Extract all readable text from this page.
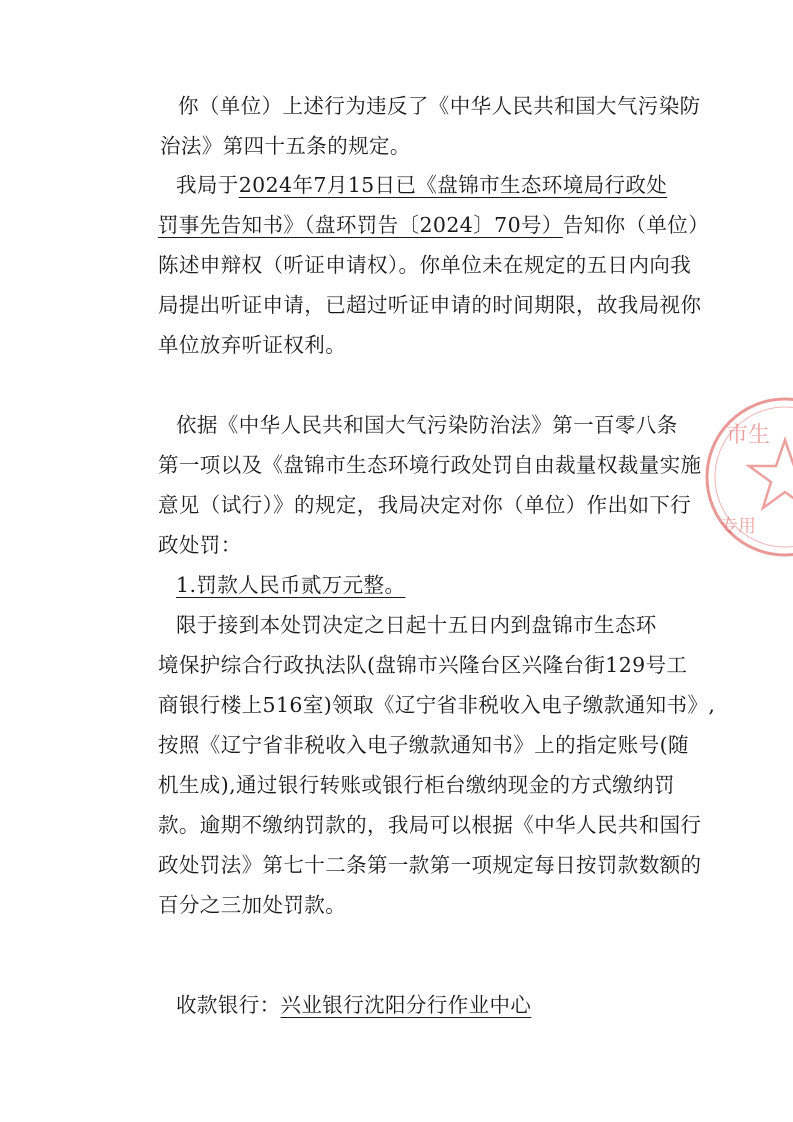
你（单位）上述行为违反了《中华人民共和国大气污染防
治法》第四十五条的规定。

我局于2024年7月15日已《盘锦市生态环境局行政处
罚事先告知书》（盘环罚告〔2024〕70号）告知你（单位）
陈述申辩权（听证申请权）。你单位未在规定的五日内向我
局提出听证申请，已超过听证申请的时间期限，故我局视你
单位放弃听证权利。

依据《中华人民共和国大气污染防治法》第一百零八条
第一项以及《盘锦市生态环境行政处罚自由裁量权裁量实施
意见（试行）》的规定，我局决定对你（单位）作出如下行
政处罚：

1.罚款人民币贰万元整。

限于接到本处罚决定之日起十五日内到盘锦市生态环
境保护综合行政执法队(盘锦市兴隆台区兴隆台街129号工
商银行楼上516室)领取《辽宁省非税收入电子缴款通知书》,
按照《辽宁省非税收入电子缴款通知书》上的指定账号(随
机生成),通过银行转账或银行柜台缴纳现金的方式缴纳罚
款。逾期不缴纳罚款的，我局可以根据《中华人民共和国行
政处罚法》第七十二条第一款第一项规定每日按罚款数额的
百分之三加处罚款。

收款银行：兴业银行沈阳分行作业中心

市生
专用
